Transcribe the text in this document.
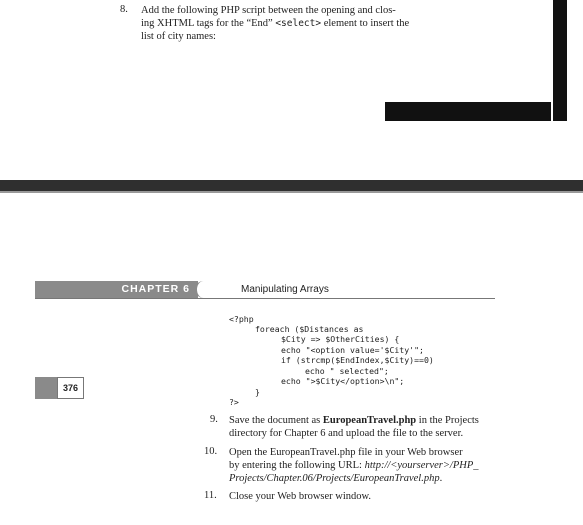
8. Add the following PHP script between the opening and clos-
ing XHTML tags for the “End” <select> element to insert the
list of city names:
CHAPTER 6	Manipulating Arrays
376
<?php
foreach ($Distances as
$City => $OtherCities) {
echo "<option value='$City'";
if (strcmp($EndIndex,$City)==0)
echo " selected";
echo ">$City</option>\n";
}
?>
9. Save the document as EuropeanTravel.php in the Projects
directory for Chapter 6 and upload the file to the server.
10. Open the EuropeanTravel.php file in your Web browser
by entering the following URL: http://<yourserver>/PHP_
Projects/Chapter.06/Projects/EuropeanTravel.php.
11. Close your Web browser window.
